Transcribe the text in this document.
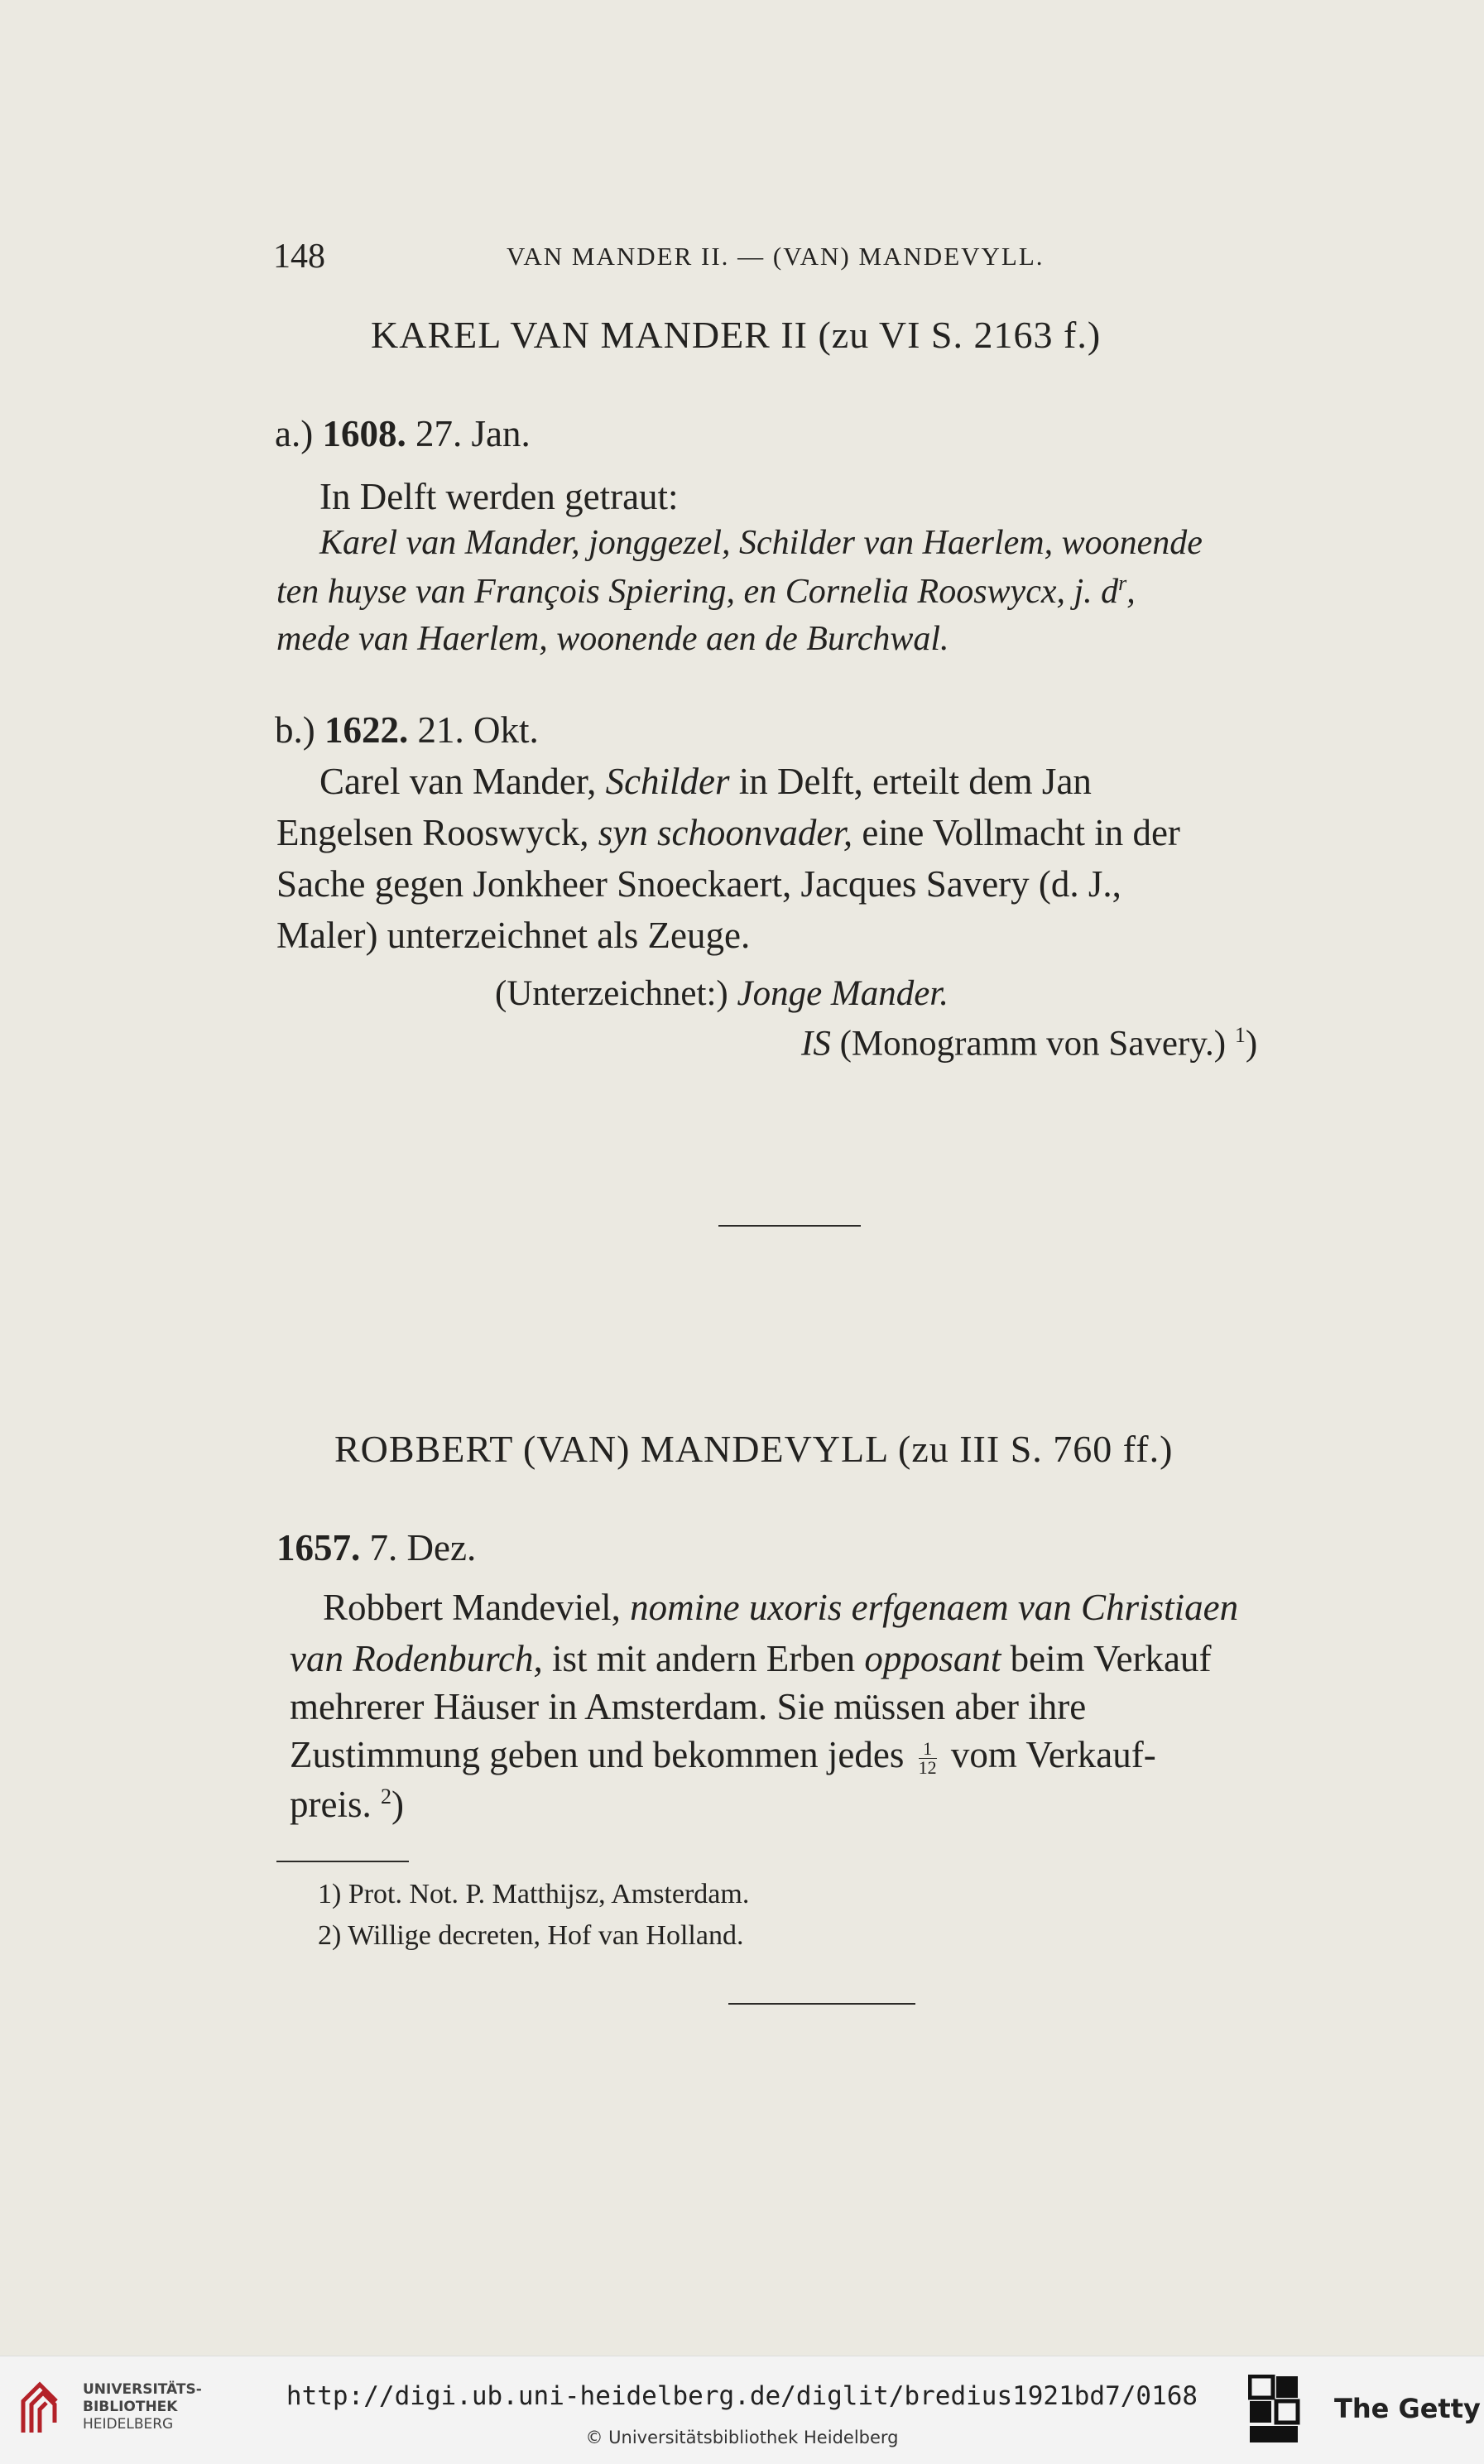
148	VAN MANDER II. — (VAN) MANDEVYLL.
KAREL VAN MANDER II (zu VI S. 2163 f.)
a.) 1608. 27. Jan.
In Delft werden getraut:
Karel van Mander, jonggezel, Schilder van Haerlem, woonende
ten huyse van François Spiering, en Cornelia Rooswycx, j. $d^r$,
mede van Haerlem, woonende aen de Burchwal.
b.) 1622. 21. Okt.
Carel van Mander, Schilder in Delft, erteilt dem Jan
Engelsen Rooswyck, syn schoonvader, eine Vollmacht in der
Sache gegen Jonkheer Snoeckaert, Jacques Savery (d. J.,
Maler) unterzeichnet als Zeuge.
(Unterzeichnet:) Jonge Mander.
IS (Monogramm von Savery.) $^1$)
ROBBERT (VAN) MANDEVYLL (zu III S. 760 ff.)
1657. 7. Dez.
Robbert Mandeviel, nomine uxoris erfgenaem van Christiaen
van Rodenburch, ist mit andern Erben opposant beim Verkauf
mehrerer Häuser in Amsterdam. Sie müssen aber ihre
Zustimmung geben und bekommen jedes $\frac{1}{12}$ vom Verkauf-
preis. $^2$)
1) Prot. Not. P. Matthijsz, Amsterdam.
2) Willige decreten, Hof van Holland.
UNIVERSITÄTS-
BIBLIOTHEK
HEIDELBERG
http://digi.ub.uni-heidelberg.de/diglit/bredius1921bd7/0168
© Universitätsbibliothek Heidelberg
The Getty
